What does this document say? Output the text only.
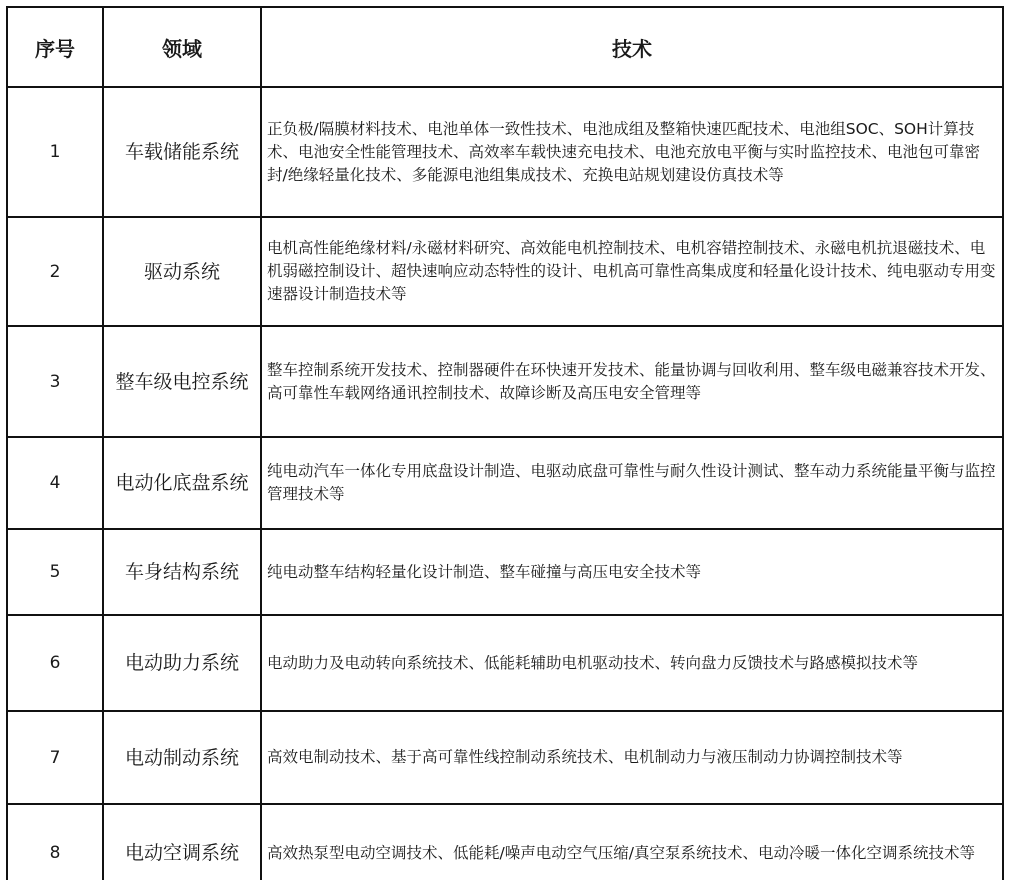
序号	领域	技术
1	车载储能系统	正负极/隔膜材料技术、电池单体一致性技术、电池成组及整箱快速匹配技术、电池组SOC、SOH计算技术、电池安全性能管理技术、高效率车载快速充电技术、电池充放电平衡与实时监控技术、电池包可靠密封/绝缘轻量化技术、多能源电池组集成技术、充换电站规划建设仿真技术等
2	驱动系统	电机高性能绝缘材料/永磁材料研究、高效能电机控制技术、电机容错控制技术、永磁电机抗退磁技术、电机弱磁控制设计、超快速响应动态特性的设计、电机高可靠性高集成度和轻量化设计技术、纯电驱动专用变速器设计制造技术等
3	整车级电控系统	整车控制系统开发技术、控制器硬件在环快速开发技术、能量协调与回收利用、整车级电磁兼容技术开发、高可靠性车载网络通讯控制技术、故障诊断及高压电安全管理等
4	电动化底盘系统	纯电动汽车一体化专用底盘设计制造、电驱动底盘可靠性与耐久性设计测试、整车动力系统能量平衡与监控管理技术等
5	车身结构系统	纯电动整车结构轻量化设计制造、整车碰撞与高压电安全技术等
6	电动助力系统	电动助力及电动转向系统技术、低能耗辅助电机驱动技术、转向盘力反馈技术与路感模拟技术等
7	电动制动系统	高效电制动技术、基于高可靠性线控制动系统技术、电机制动力与液压制动力协调控制技术等
8	电动空调系统	高效热泵型电动空调技术、低能耗/噪声电动空气压缩/真空泵系统技术、电动冷暖一体化空调系统技术等
